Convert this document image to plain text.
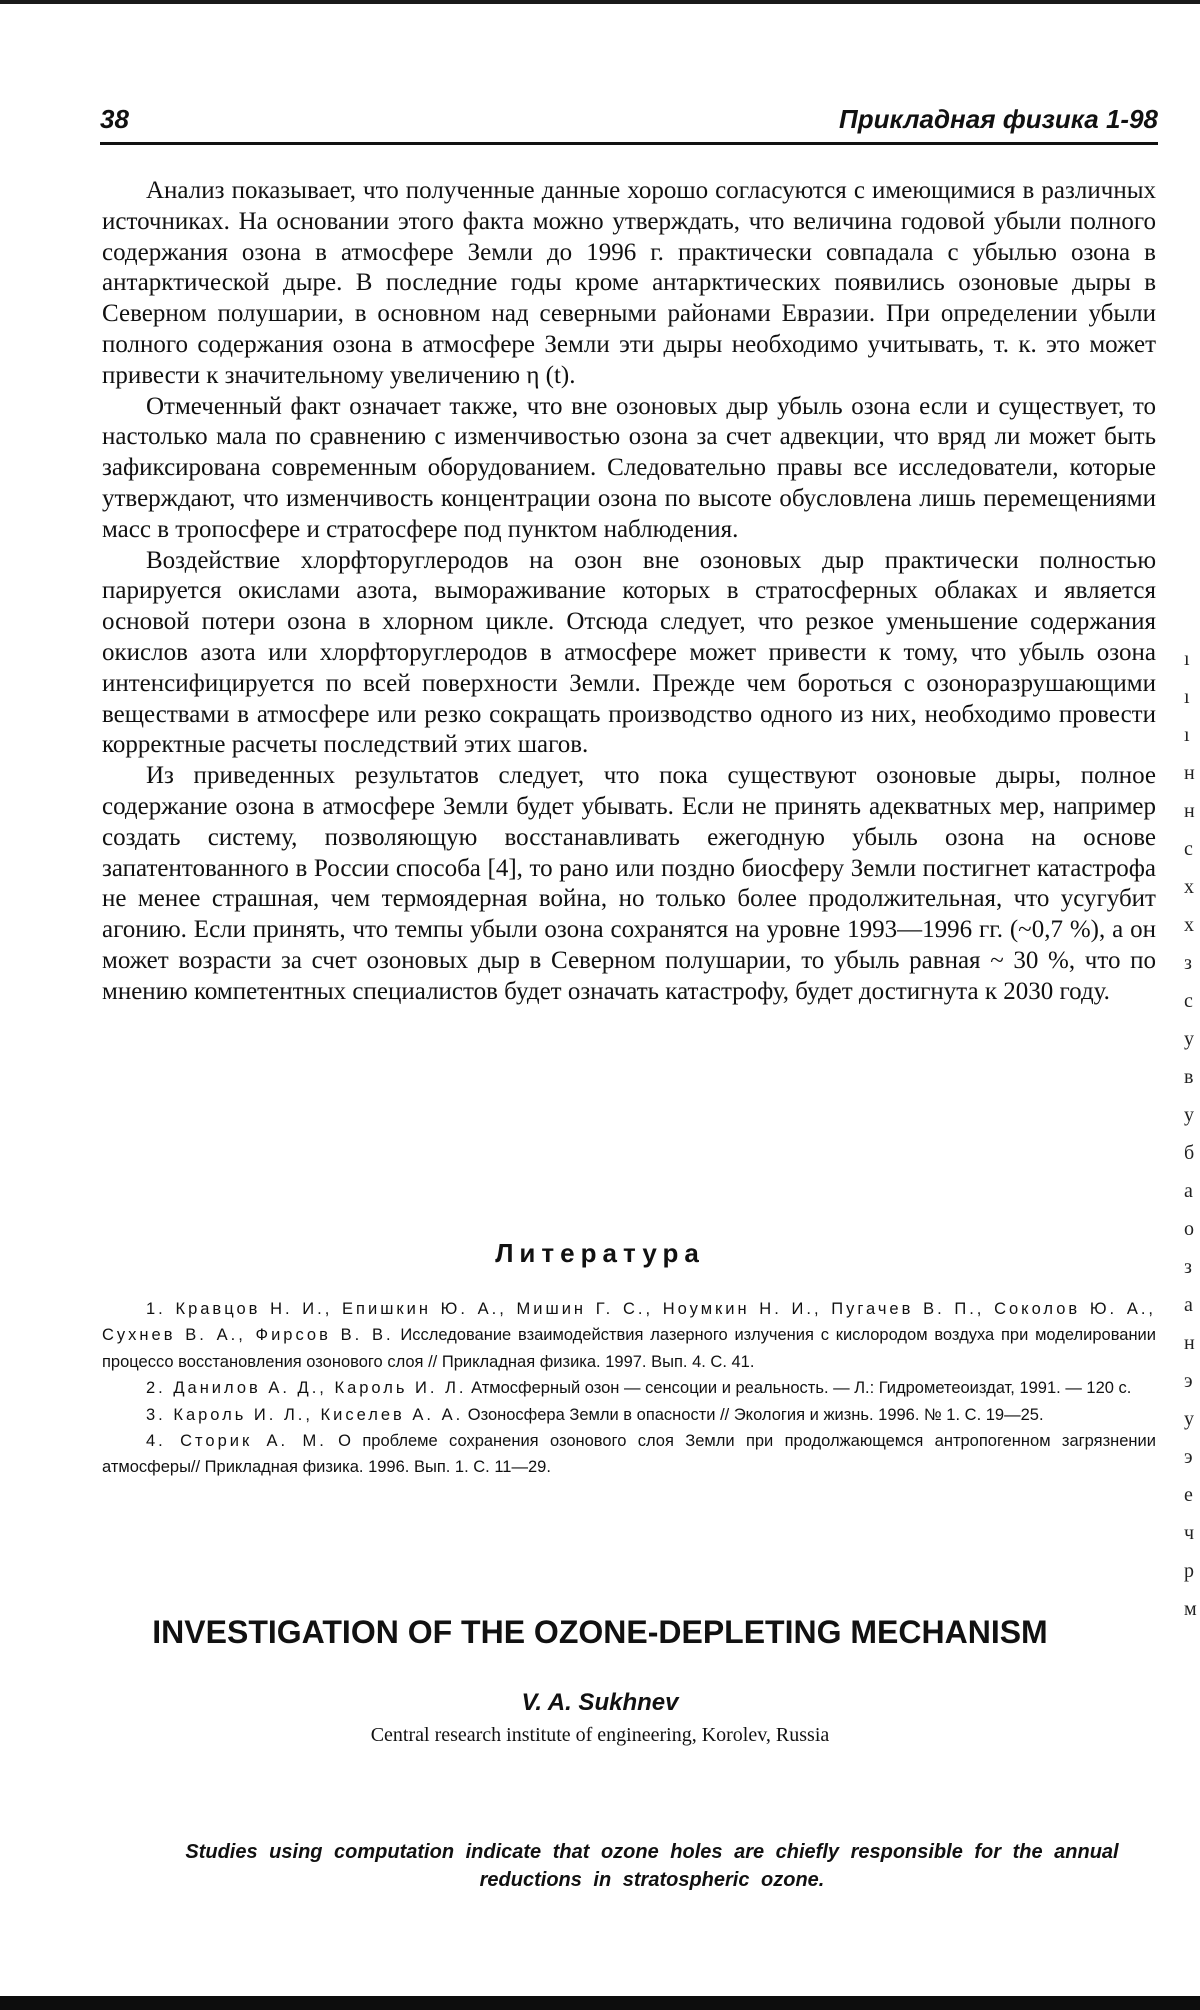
38	Прикладная физика 1-98

Анализ показывает, что полученные данные хорошо согласуются с имеющимися в различных источниках. На основании этого факта можно утверждать, что величина годовой убыли полного содержания озона в атмосфере Земли до 1996 г. практически совпадала с убылью озона в антарктической дыре. В последние годы кроме антарктических появились озоновые дыры в Северном полушарии, в основном над северными районами Евразии. При определении убыли полного содержания озона в атмосфере Земли эти дыры необходимо учитывать, т. к. это может привести к значительному увеличению η (t).

Отмеченный факт означает также, что вне озоновых дыр убыль озона если и существует, то настолько мала по сравнению с изменчивостью озона за счет адвекции, что вряд ли может быть зафиксирована современным оборудованием. Следовательно правы все исследователи, которые утверждают, что изменчивость концентрации озона по высоте обусловлена лишь перемещениями масс в тропосфере и стратосфере под пунктом наблюдения.

Воздействие хлорфторуглеродов на озон вне озоновых дыр практически полностью парируется окислами азота, вымораживание которых в стратосферных облаках и является основой потери озона в хлорном цикле. Отсюда следует, что резкое уменьшение содержания окислов азота или хлорфторуглеродов в атмосфере может привести к тому, что убыль озона интенсифицируется по всей поверхности Земли. Прежде чем бороться с озоноразрушающими веществами в атмосфере или резко сокращать производство одного из них, необходимо провести корректные расчеты последствий этих шагов.

Из приведенных результатов следует, что пока существуют озоновые дыры, полное содержание озона в атмосфере Земли будет убывать. Если не принять адекватных мер, например создать систему, позволяющую восстанавливать ежегодную убыль озона на основе запатентованного в России способа [4], то рано или поздно биосферу Земли постигнет катастрофа не менее страшная, чем термоядерная война, но только более продолжительная, что усугубит агонию. Если принять, что темпы убыли озона сохранятся на уровне 1993—1996 гг. (~0,7 %), а он может возрасти за счет озоновых дыр в Северном полушарии, то убыль равная ~ 30 %, что по мнению компетентных специалистов будет означать катастрофу, будет достигнута к 2030 году.

Литература

1. Кравцов Н. И., Епишкин Ю. А., Мишин Г. С., Ноумкин Н. И., Пугачев В. П., Соколов Ю. А., Сухнев В. А., Фирсов В. В. Исследование взаимодействия лазерного излучения с кислородом воздуха при моделировании процессо восстановления озонового слоя // Прикладная физика. 1997. Вып. 4. С. 41.

2. Данилов А. Д., Кароль И. Л. Атмосферный озон — сенсоции и реальность. — Л.: Гидрометеоиздат, 1991. — 120 с.

3. Кароль И. Л., Киселев А. А. Озоносфера Земли в опасности // Экология и жизнь. 1996. № 1. С. 19—25.

4. Сторик А. М. О проблеме сохранения озонового слоя Земли при продолжающемся антропогенном загрязнении атмосферы// Прикладная физика. 1996. Вып. 1. С. 11—29.

INVESTIGATION OF THE OZONE-DEPLETING MECHANISM
V. A. Sukhnev
Central research institute of engineering, Korolev, Russia
Studies using computation indicate that ozone holes are chiefly responsible for the annual reductions in stratospheric ozone.
ı
ı
ı
н
н
с
х
х
з
с
у
в
у
б
а
о
з
а
н
э
у
э
е
ч
р
м
